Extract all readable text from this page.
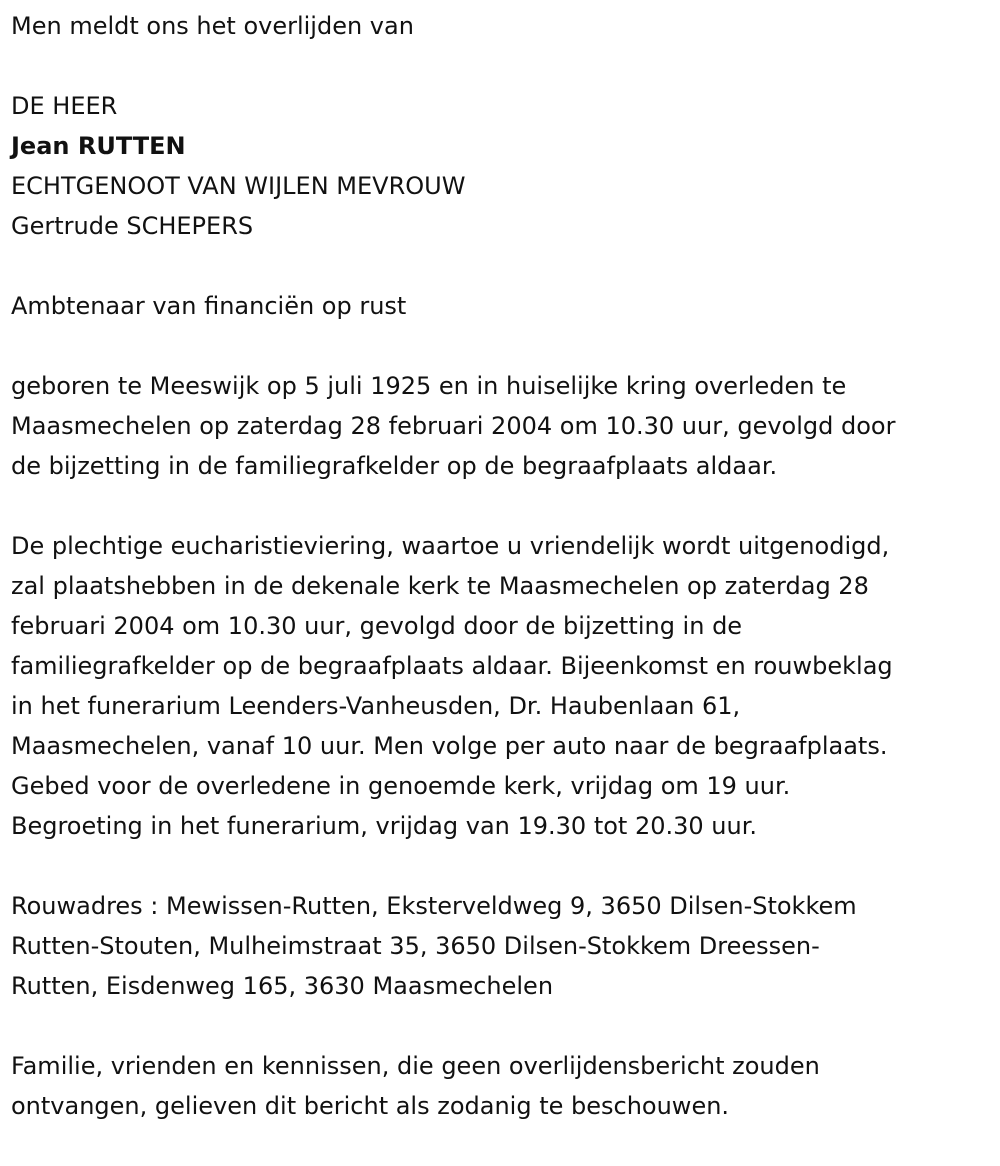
Men meldt ons het overlijden van

DE HEER

Jean RUTTEN

ECHTGENOOT VAN WIJLEN MEVROUW

Gertrude SCHEPERS

Ambtenaar van financiën op rust

geboren te Meeswijk op 5 juli 1925 en in huiselijke kring overleden te

Maasmechelen op zaterdag 28 februari 2004 om 10.30 uur, gevolgd door

de bijzetting in de familiegrafkelder op de begraafplaats aldaar.

De plechtige eucharistieviering, waartoe u vriendelijk wordt uitgenodigd,

zal plaatshebben in de dekenale kerk te Maasmechelen op zaterdag 28

februari 2004 om 10.30 uur, gevolgd door de bijzetting in de

familiegrafkelder op de begraafplaats aldaar. Bijeenkomst en rouwbeklag

in het funerarium Leenders-Vanheusden, Dr. Haubenlaan 61,

Maasmechelen, vanaf 10 uur. Men volge per auto naar de begraafplaats.

Gebed voor de overledene in genoemde kerk, vrijdag om 19 uur.

Begroeting in het funerarium, vrijdag van 19.30 tot 20.30 uur.

Rouwadres : Mewissen-Rutten, Eksterveldweg 9, 3650 Dilsen-Stokkem

Rutten-Stouten, Mulheimstraat 35, 3650 Dilsen-Stokkem Dreessen-

Rutten, Eisdenweg 165, 3630 Maasmechelen

Familie, vrienden en kennissen, die geen overlijdensbericht zouden

ontvangen, gelieven dit bericht als zodanig te beschouwen.
